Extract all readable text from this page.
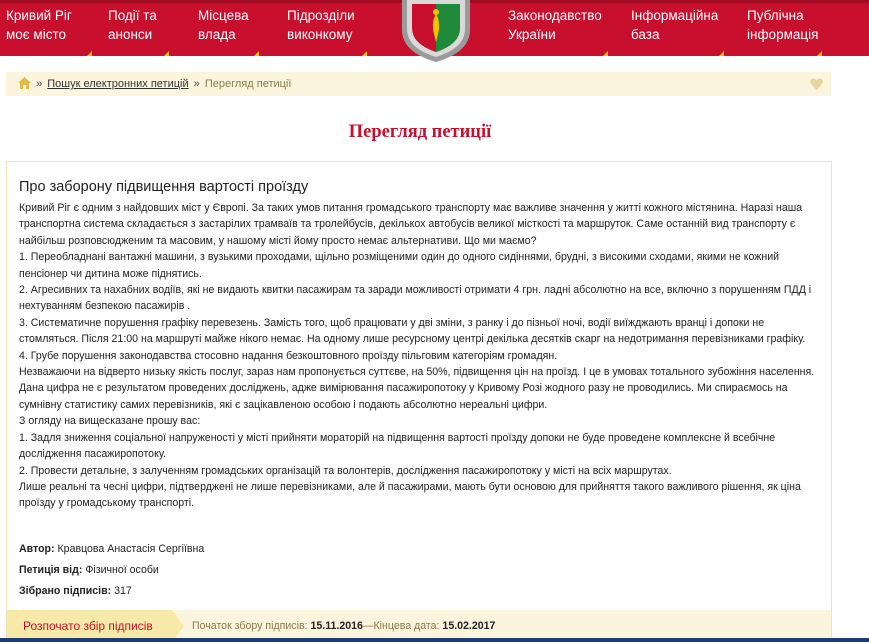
Кривий Ріг
моє місто
Події та
анонси
Місцева
влада
Підрозділи
виконкому
Законодавство
України
Інформаційна
база
Публічна
інформація
» Пошук електронних петицій » Перегляд петиції
Перегляд петиції
Про заборону підвищення вартості проїзду

Кривий Ріг є одним з найдовших міст у Європі. За таких умов питання громадського транспорту має важливе значення у житті кожного містянина. Наразі наша транспортна система складається з застарілих трамваїв та тролейбусів, декількох автобусів великої місткості та маршруток. Саме останній вид транспорту є найбільш розповсюдженим та масовим, у нашому місті йому просто немає альтернативи. Що ми маємо?

1. Переобладнані вантажні машини, з вузькими проходами, щільно розміщеними один до одного сидіннями, брудні, з високими сходами, якими не кожний пенсіонер чи дитина може піднятись.

2. Агресивних та нахабних водіїв, які не видають квитки пасажирам та заради можливості отримати 4 грн. ладні абсолютно на все, включно з порушенням ПДД і нехтуванням безпекою пасажирів .

3. Систематичне порушення графіку перевезень. Замість того, щоб працювати у дві зміни, з ранку і до пізньої ночі, водії виїжджають вранці і допоки не стомляться. Після 21:00 на маршруті майже нікого немає. На одному лише ресурсному центрі декілька десятків скарг на недотримання перевізниками графіку.

4. Грубе порушення законодавства стосовно надання безкоштовного проїзду пільговим категоріям громадян.

Незважаючи на відверто низьку якість послуг, зараз нам пропонується суттєве, на 50%, підвищення цін на проїзд. І це в умовах тотального зубожіння населення. Дана цифра не є результатом проведених досліджень, адже вимірювання пасажиропотоку у Кривому Розі жодного разу не проводились. Ми спираємось на сумнівну статистику самих перевізників, які є зацікавленою особою і подають абсолютно нереальні цифри.

З огляду на вищесказане прошу вас:

1. Задля зниження соціальної напруженості у місті прийняти мораторій на підвищення вартості проїзду допоки не буде проведене комплексне й всебічне дослідження пасажиропотоку.

2. Провести детальне, з залученням громадських організацій та волонтерів, дослідження пасажиропотоку у місті на всіх маршрутах.

Лише реальні та чесні цифри, підтверджені не лише перевізниками, але й пасажирами, мають бути основою для прийняття такого важливого рішення, як ціна проїзду у громадському транспорті.

Автор: Кравцова Анастасія Сергіївна
Петиція від: Фізичної особи
Зібрано підписів: 317
Розпочато збір підписів	Початок збору підписів: 15.11.2016—Кінцева дата: 15.02.2017
